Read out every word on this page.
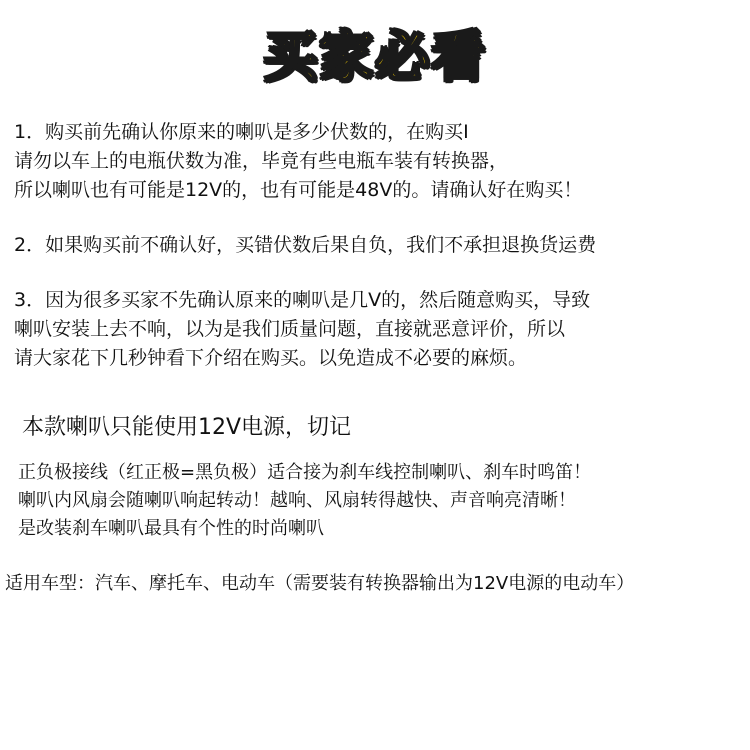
买家必看
1．购买前先确认你原来的喇叭是多少伏数的，在购买I
请勿以车上的电瓶伏数为准，毕竟有些电瓶车装有转换器，
所以喇叭也有可能是12V的，也有可能是48V的。请确认好在购买！
2．如果购买前不确认好，买错伏数后果自负，我们不承担退换货运费
3．因为很多买家不先确认原来的喇叭是几V的，然后随意购买，导致
喇叭安装上去不响，以为是我们质量问题，直接就恶意评价，所以
请大家花下几秒钟看下介绍在购买。以免造成不必要的麻烦。
本款喇叭只能使用12V电源，切记
正负极接线（红正极=黑负极）适合接为刹车线控制喇叭、刹车时鸣笛！
喇叭内风扇会随喇叭响起转动！越响、风扇转得越快、声音响亮清晰！
是改装刹车喇叭最具有个性的时尚喇叭
适用车型：汽车、摩托车、电动车（需要装有转换器输出为12V电源的电动车）
